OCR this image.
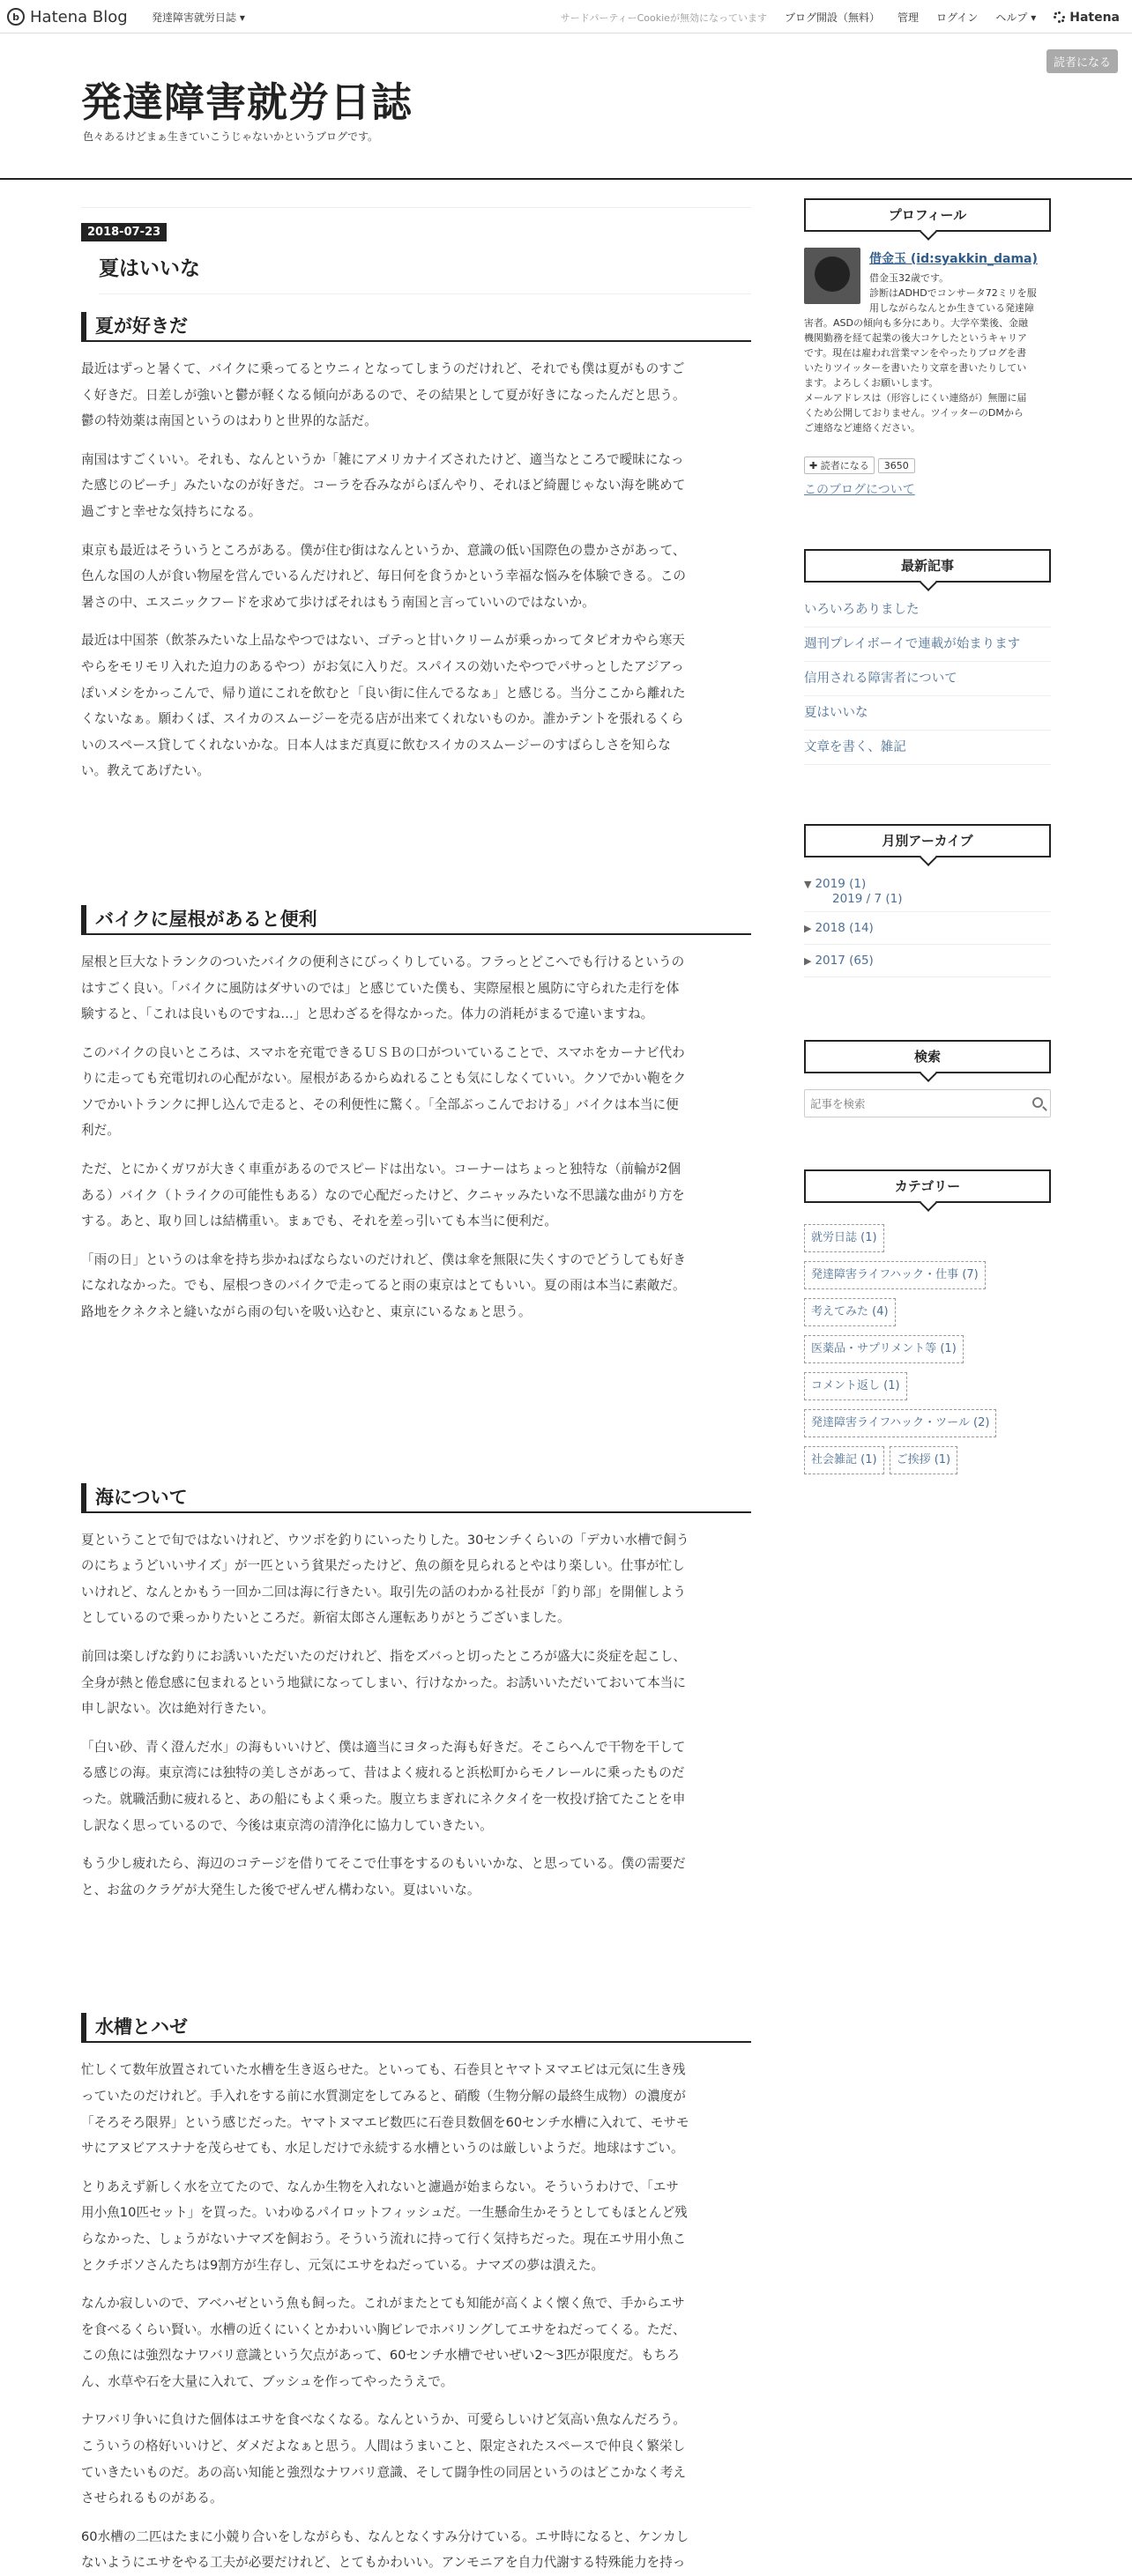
b Hatena Blog 発達障害就労日誌 ▾	サードパーティーCookieが無効になっています ブログ開設（無料） 管理 ログイン ヘルプ ▾	Hatena
読者になる
発達障害就労日誌
色々あるけどまぁ生きていこうじゃないかというブログです。
2018-07-23
夏はいいな
夏が好きだ
最近はずっと暑くて、バイクに乗ってるとウニィとなってしまうのだけれど、それでも僕は夏がものすご
く好きだ。日差しが強いと鬱が軽くなる傾向があるので、その結果として夏が好きになったんだと思う。
鬱の特効薬は南国というのはわりと世界的な話だ。
南国はすごくいい。それも、なんというか「雑にアメリカナイズされたけど、適当なところで曖昧になっ
た感じのビーチ」みたいなのが好きだ。コーラを呑みながらぼんやり、それほど綺麗じゃない海を眺めて
過ごすと幸せな気持ちになる。
東京も最近はそういうところがある。僕が住む街はなんというか、意識の低い国際色の豊かさがあって、
色んな国の人が食い物屋を営んでいるんだけれど、毎日何を食うかという幸福な悩みを体験できる。この
暑さの中、エスニックフードを求めて歩けばそれはもう南国と言っていいのではないか。
最近は中国茶（飲茶みたいな上品なやつではない、ゴテっと甘いクリームが乗っかってタピオカやら寒天
やらをモリモリ入れた迫力のあるやつ）がお気に入りだ。スパイスの効いたやつでパサっとしたアジアっ
ぽいメシをかっこんで、帰り道にこれを飲むと「良い街に住んでるなぁ」と感じる。当分ここから離れた
くないなぁ。願わくば、スイカのスムージーを売る店が出来てくれないものか。誰かテントを張れるくら
いのスペース貸してくれないかな。日本人はまだ真夏に飲むスイカのスムージーのすばらしさを知らな
い。教えてあげたい。
バイクに屋根があると便利
屋根と巨大なトランクのついたバイクの便利さにびっくりしている。フラっとどこへでも行けるというの
はすごく良い。「バイクに風防はダサいのでは」と感じていた僕も、実際屋根と風防に守られた走行を体
験すると、「これは良いものですね…」と思わざるを得なかった。体力の消耗がまるで違いますね。
このバイクの良いところは、スマホを充電できるＵＳＢの口がついていることで、スマホをカーナビ代わ
りに走っても充電切れの心配がない。屋根があるからぬれることも気にしなくていい。クソでかい鞄をク
ソでかいトランクに押し込んで走ると、その利便性に驚く。「全部ぶっこんでおける」バイクは本当に便
利だ。
ただ、とにかくガワが大きく車重があるのでスピードは出ない。コーナーはちょっと独特な（前輪が2個
ある）バイク（トライクの可能性もある）なので心配だったけど、クニャッみたいな不思議な曲がり方を
する。あと、取り回しは結構重い。まぁでも、それを差っ引いても本当に便利だ。
「雨の日」というのは傘を持ち歩かねばならないのだけれど、僕は傘を無限に失くすのでどうしても好き
になれなかった。でも、屋根つきのバイクで走ってると雨の東京はとてもいい。夏の雨は本当に素敵だ。
路地をクネクネと縫いながら雨の匂いを吸い込むと、東京にいるなぁと思う。
海について
夏ということで旬ではないけれど、ウツボを釣りにいったりした。30センチくらいの「デカい水槽で飼う
のにちょうどいいサイズ」が一匹という貧果だったけど、魚の顔を見られるとやはり楽しい。仕事が忙し
いけれど、なんとかもう一回か二回は海に行きたい。取引先の話のわかる社長が「釣り部」を開催しよう
としているので乗っかりたいところだ。新宿太郎さん運転ありがとうございました。
前回は楽しげな釣りにお誘いいただいたのだけれど、指をズバっと切ったところが盛大に炎症を起こし、
全身が熱と倦怠感に包まれるという地獄になってしまい、行けなかった。お誘いいただいておいて本当に
申し訳ない。次は絶対行きたい。
「白い砂、青く澄んだ水」の海もいいけど、僕は適当にヨタった海も好きだ。そこらへんで干物を干して
る感じの海。東京湾には独特の美しさがあって、昔はよく疲れると浜松町からモノレールに乗ったものだ
った。就職活動に疲れると、あの船にもよく乗った。腹立ちまぎれにネクタイを一枚投げ捨てたことを申
し訳なく思っているので、今後は東京湾の清浄化に協力していきたい。
もう少し疲れたら、海辺のコテージを借りてそこで仕事をするのもいいかな、と思っている。僕の需要だ
と、お盆のクラゲが大発生した後でぜんぜん構わない。夏はいいな。
水槽とハゼ
忙しくて数年放置されていた水槽を生き返らせた。といっても、石巻貝とヤマトヌマエビは元気に生き残
っていたのだけれど。手入れをする前に水質測定をしてみると、硝酸（生物分解の最終生成物）の濃度が
「そろそろ限界」という感じだった。ヤマトヌマエビ数匹に石巻貝数個を60センチ水槽に入れて、モサモ
サにアヌビアスナナを茂らせても、水足しだけで永続する水槽というのは厳しいようだ。地球はすごい。
とりあえず新しく水を立てたので、なんか生物を入れないと濾過が始まらない。そういうわけで、「エサ
用小魚10匹セット」を買った。いわゆるパイロットフィッシュだ。一生懸命生かそうとしてもほとんど残
らなかった、しょうがないナマズを飼おう。そういう流れに持って行く気持ちだった。現在エサ用小魚こ
とクチボソさんたちは9割方が生存し、元気にエサをねだっている。ナマズの夢は潰えた。
なんか寂しいので、アベハゼという魚も飼った。これがまたとても知能が高くよく懐く魚で、手からエサ
を食べるくらい賢い。水槽の近くにいくとかわいい胸ビレでホバリングしてエサをねだってくる。ただ、
この魚には強烈なナワバリ意識という欠点があって、60センチ水槽でせいぜい2～3匹が限度だ。もちろ
ん、水草や石を大量に入れて、ブッシュを作ってやったうえで。
ナワバリ争いに負けた個体はエサを食べなくなる。なんというか、可愛らしいけど気高い魚なんだろう。
こういうの格好いいけど、ダメだよなぁと思う。人間はうまいこと、限定されたスペースで仲良く繁栄し
ていきたいものだ。あの高い知能と強烈なナワバリ意識、そして闘争性の同居というのはどこかなく考え
させられるものがある。
60水槽の二匹はたまに小競り合いをしながらも、なんとなくすみ分けている。エサ時になると、ケンカし
ないようにエサをやる工夫が必要だけれど、とてもかわいい。アンモニアを自力代謝する特殊能力を持っ
プロフィール
借金玉 (id:syakkin_dama)
借金玉32歳です。
診断はADHDでコンサータ72ミリを服
用しながらなんとか生きている発達障
害者。ASDの傾向も多分にあり。大学卒業後、金融
機関勤務を経て起業の後大コケしたというキャリア
です。現在は雇われ営業マンをやったりブログを書
いたりツイッターを書いたり文章を書いたりしてい
ます。よろしくお願いします。
メールアドレスは（形容しにくい連絡が）無闇に届
くため公開しておりません。ツイッターのDMから
ご連絡など連絡ください。
✚ 読者になる	3650
このブログについて
最新記事
いろいろありました
週刊プレイボーイで連載が始まります
信用される障害者について
夏はいいな
文章を書く、雑記
月別アーカイブ
▼ 2019 (1)
2019 / 7 (1)
▶ 2018 (14)
▶ 2017 (65)
検索
記事を検索
カテゴリー
就労日誌 (1)
発達障害ライフハック・仕事 (7)
考えてみた (4)
医薬品・サプリメント等 (1)
コメント返し (1)
発達障害ライフハック・ツール (2)
社会雑記 (1) ご挨拶 (1)
